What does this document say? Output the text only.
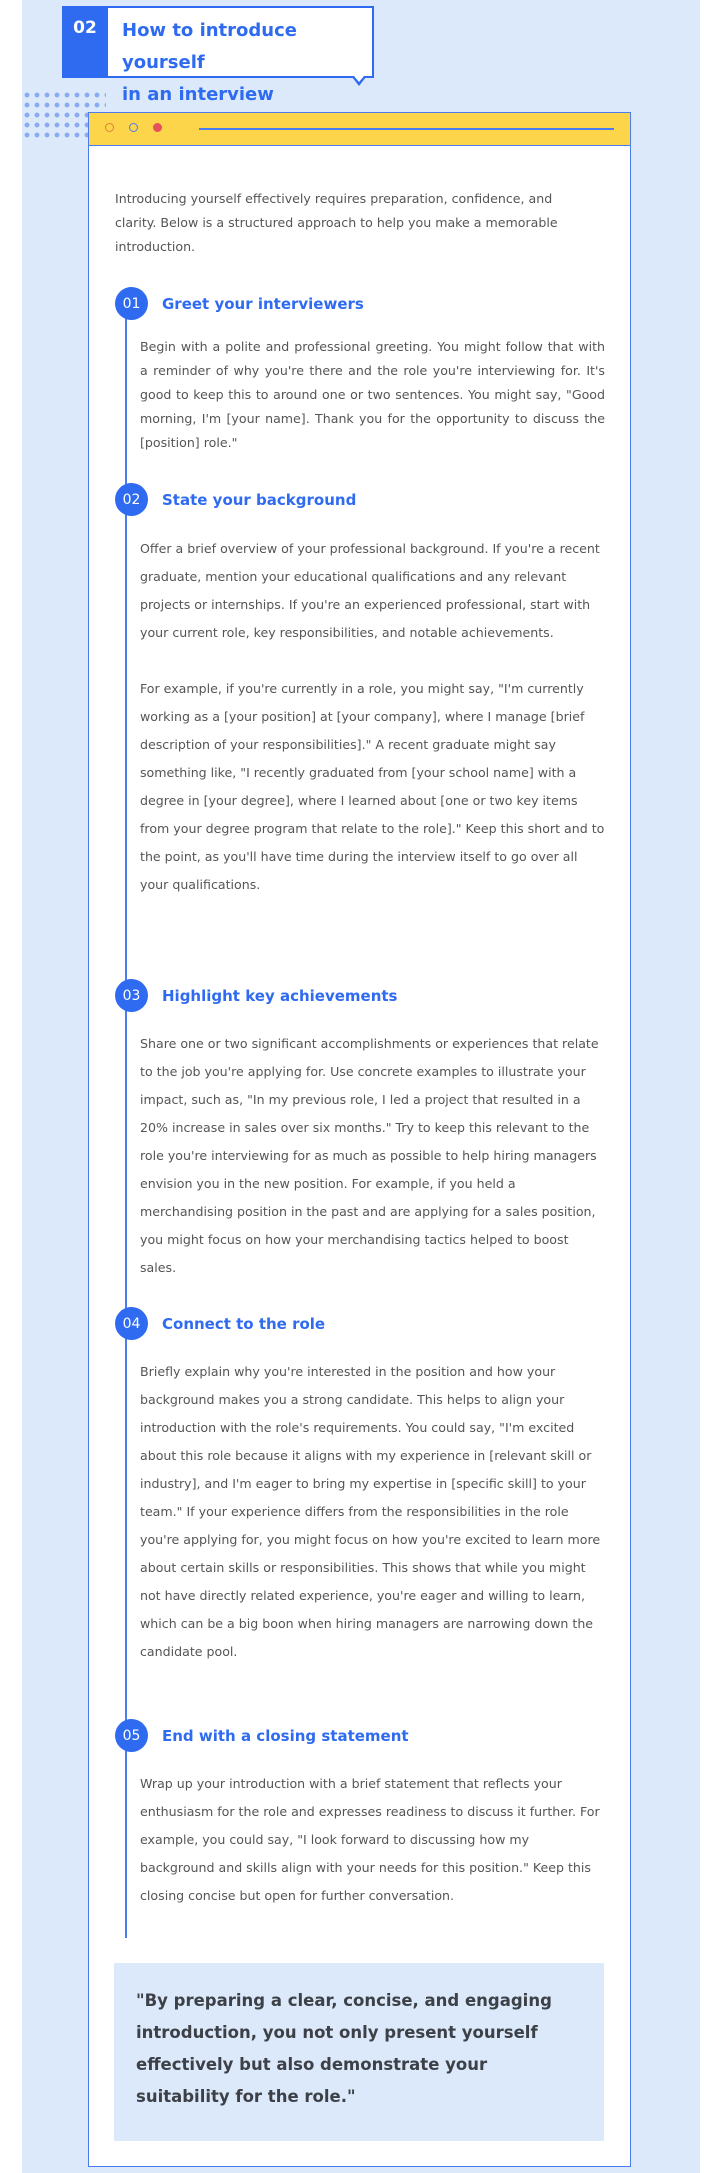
02	How to introduce yourself
in an interview
Introducing yourself effectively requires preparation, confidence, and clarity. Below is a structured approach to help you make a memorable introduction.
01	Greet your interviewers

Begin with a polite and professional greeting. You might follow that with a reminder of why you're there and the role you're interviewing for. It's good to keep this to around one or two sentences. You might say, "Good morning, I'm [your name]. Thank you for the opportunity to discuss the [position] role."

02	State your background

Offer a brief overview of your professional background. If you're a recent graduate, mention your educational qualifications and any relevant projects or internships. If you're an experienced professional, start with your current role, key responsibilities, and notable achievements.

For example, if you're currently in a role, you might say, "I'm currently working as a [your position] at [your company], where I manage [brief description of your responsibilities]." A recent graduate might say something like, "I recently graduated from [your school name] with a degree in [your degree], where I learned about [one or two key items from your degree program that relate to the role]." Keep this short and to the point, as you'll have time during the interview itself to go over all your qualifications.

03	Highlight key achievements

Share one or two significant accomplishments or experiences that relate to the job you're applying for. Use concrete examples to illustrate your impact, such as, "In my previous role, I led a project that resulted in a 20% increase in sales over six months." Try to keep this relevant to the role you're interviewing for as much as possible to help hiring managers envision you in the new position. For example, if you held a merchandising position in the past and are applying for a sales position, you might focus on how your merchandising tactics helped to boost sales.

04	Connect to the role

Briefly explain why you're interested in the position and how your background makes you a strong candidate. This helps to align your introduction with the role's requirements. You could say, "I'm excited about this role because it aligns with my experience in [relevant skill or industry], and I'm eager to bring my expertise in [specific skill] to your team." If your experience differs from the responsibilities in the role you're applying for, you might focus on how you're excited to learn more about certain skills or responsibilities. This shows that while you might not have directly related experience, you're eager and willing to learn, which can be a big boon when hiring managers are narrowing down the candidate pool.

05	End with a closing statement

Wrap up your introduction with a brief statement that reflects your enthusiasm for the role and expresses readiness to discuss it further. For example, you could say, "I look forward to discussing how my background and skills align with your needs for this position." Keep this closing concise but open for further conversation.

"By preparing a clear, concise, and engaging introduction, you not only present yourself effectively but also demonstrate your suitability for the role."
